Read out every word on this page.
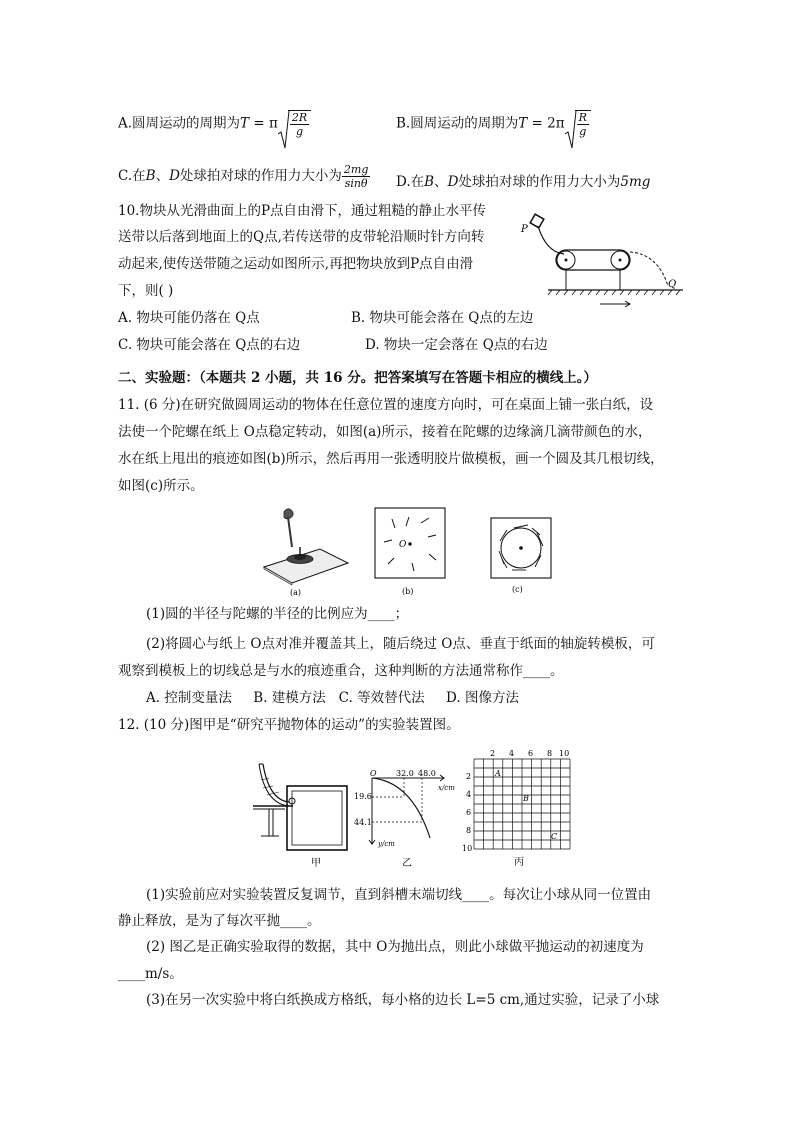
A.圆周运动的周期为T = π $\frac{2R}{g}$	B.圆周运动的周期为$T = 2\pi \frac{R}{g}$
C.在B、D处球拍对球的作用力大小为 $\frac{2mg}{\sin\theta} D$.在B、D处球拍对球的作用力大小为5mg
10.物块从光滑曲面上的P点自由滑下，通过粗糙的静止水平传
送带以后落到地面上的Q点,若传送带的皮带轮沿顺时针方向转
动起来,使传送带随之运动如图所示,再把物块放到P点自由滑
下，则( )
P
Q
A. 物块可能仍落在 Q点	B. 物块可能会落在 Q点的左边
C. 物块可能会落在 Q点的右边	D. 物块一定会落在 Q点的右边
二、实验题：（本题共 2 小题，共 16 分。把答案填写在答题卡相应的横线上。）
11. (6 分)在研究做圆周运动的物体在任意位置的速度方向时，可在桌面上铺一张白纸，设
法使一个陀螺在纸上 O点稳定转动，如图(a)所示，接着在陀螺的边缘滴几滴带颜色的水，
水在纸上甩出的痕迹如图(b)所示，然后再用一张透明胶片做模板，画一个圆及其几根切线，
如图(c)所示。
(a)
O
(b)	(c)
(1)圆的半径与陀螺的半径的比例应为____；
(2)将圆心与纸上 O点对准并覆盖其上，随后绕过 O点、垂直于纸面的轴旋转模板，可
观察到模板上的切线总是与水的痕迹重合，这种判断的方法通常称作____。
A. 控制变量法     B. 建模方法   C. 等效替代法     D. 图像方法
12. (10 分)图甲是“研究平抛物体的运动”的实验装置图。
甲
O 32.0 48.0
x/cm
19.6
44.1
y/cm
乙
2 4 6 8 10
2
4
6
8
10
A
B
C
丙
(1)实验前应对实验装置反复调节，直到斜槽末端切线____。每次让小球从同一位置由
静止释放，是为了每次平抛____。
(2) 图乙是正确实验取得的数据，其中 O为抛出点，则此小球做平抛运动的初速度为
____m/s。
(3)在另一次实验中将白纸换成方格纸，每小格的边长 L=5 cm,通过实验，记录了小球
